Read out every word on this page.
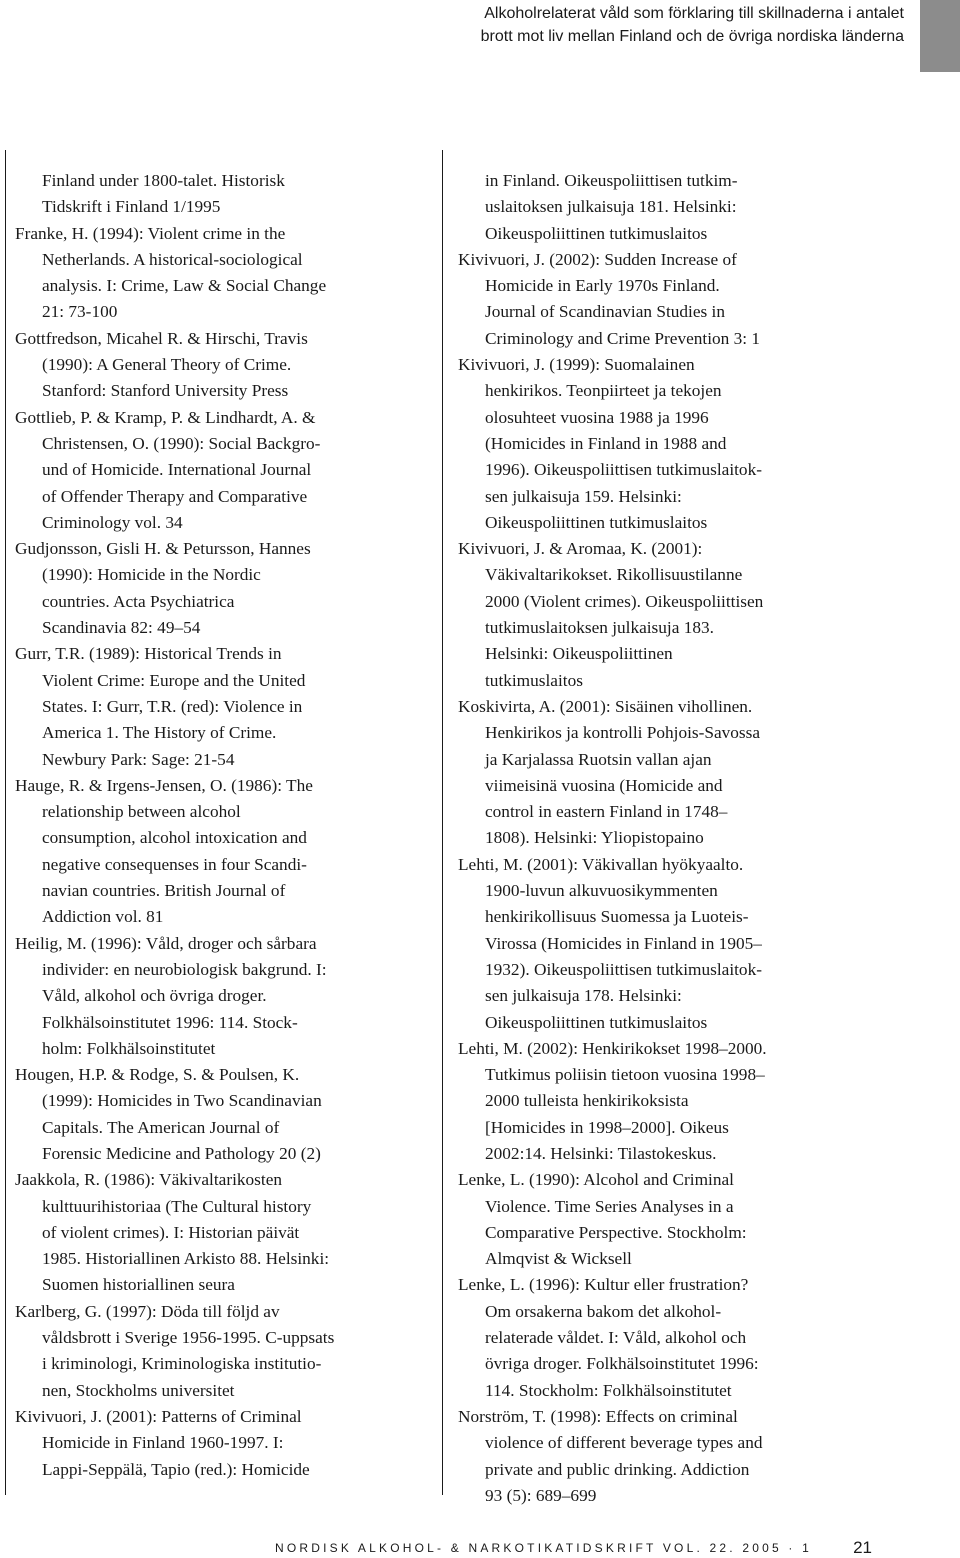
Alkoholrelaterat våld som förklaring till skillnaderna i antalet
brott mot liv mellan Finland och de övriga nordiska länderna
Finland under 1800-talet. Historisk
Tidskrift i Finland 1/1995
Franke, H. (1994): Violent crime in the
Netherlands. A historical-sociological
analysis. I: Crime, Law & Social Change
21: 73-100
Gottfredson, Micahel R. & Hirschi, Travis
(1990): A General Theory of Crime.
Stanford: Stanford University Press
Gottlieb, P. & Kramp, P. & Lindhardt, A. &
Christensen, O. (1990): Social Backgro-
und of Homicide. International Journal
of Offender Therapy and Comparative
Criminology vol. 34
Gudjonsson, Gisli H. & Petursson, Hannes
(1990): Homicide in the Nordic
countries. Acta Psychiatrica
Scandinavia 82: 49–54
Gurr, T.R. (1989): Historical Trends in
Violent Crime: Europe and the United
States. I: Gurr, T.R. (red): Violence in
America 1. The History of Crime.
Newbury Park: Sage: 21-54
Hauge, R. & Irgens-Jensen, O. (1986): The
relationship between alcohol
consumption, alcohol intoxication and
negative consequenses in four Scandi-
navian countries. British Journal of
Addiction vol. 81
Heilig, M. (1996): Våld, droger och sårbara
individer: en neurobiologisk bakgrund. I:
Våld, alkohol och övriga droger.
Folkhälsoinstitutet 1996: 114. Stock-
holm: Folkhälsoinstitutet
Hougen, H.P. & Rodge, S. & Poulsen, K.
(1999): Homicides in Two Scandinavian
Capitals. The American Journal of
Forensic Medicine and Pathology 20 (2)
Jaakkola, R. (1986): Väkivaltarikosten
kulttuurihistoriaa (The Cultural history
of violent crimes). I: Historian päivät
1985. Historiallinen Arkisto 88. Helsinki:
Suomen historiallinen seura
Karlberg, G. (1997): Döda till följd av
våldsbrott i Sverige 1956-1995. C-uppsats
i kriminologi, Kriminologiska institutio-
nen, Stockholms universitet
Kivivuori, J. (2001): Patterns of Criminal
Homicide in Finland 1960-1997. I:
Lappi-Seppälä, Tapio (red.): Homicide
in Finland. Oikeuspoliittisen tutkim-
uslaitoksen julkaisuja 181. Helsinki:
Oikeuspoliittinen tutkimuslaitos
Kivivuori, J. (2002): Sudden Increase of
Homicide in Early 1970s Finland.
Journal of Scandinavian Studies in
Criminology and Crime Prevention 3: 1
Kivivuori, J. (1999): Suomalainen
henkirikos. Teonpiirteet ja tekojen
olosuhteet vuosina 1988 ja 1996
(Homicides in Finland in 1988 and
1996). Oikeuspoliittisen tutkimuslaitok-
sen julkaisuja 159. Helsinki:
Oikeuspoliittinen tutkimuslaitos
Kivivuori, J. & Aromaa, K. (2001):
Väkivaltarikokset. Rikollisuustilanne
2000 (Violent crimes). Oikeuspoliittisen
tutkimuslaitoksen julkaisuja 183.
Helsinki: Oikeuspoliittinen
tutkimuslaitos
Koskivirta, A. (2001): Sisäinen vihollinen.
Henkirikos ja kontrolli Pohjois-Savossa
ja Karjalassa Ruotsin vallan ajan
viimeisinä vuosina (Homicide and
control in eastern Finland in 1748–
1808). Helsinki: Yliopistopaino
Lehti, M. (2001): Väkivallan hyökyaalto.
1900-luvun alkuvuosikymmenten
henkirikollisuus Suomessa ja Luoteis-
Virossa (Homicides in Finland in 1905–
1932). Oikeuspoliittisen tutkimuslaitok-
sen julkaisuja 178. Helsinki:
Oikeuspoliittinen tutkimuslaitos
Lehti, M. (2002): Henkirikokset 1998–2000.
Tutkimus poliisin tietoon vuosina 1998–
2000 tulleista henkirikoksista
[Homicides in 1998–2000]. Oikeus
2002:14. Helsinki: Tilastokeskus.
Lenke, L. (1990): Alcohol and Criminal
Violence. Time Series Analyses in a
Comparative Perspective. Stockholm:
Almqvist & Wicksell
Lenke, L. (1996): Kultur eller frustration?
Om orsakerna bakom det alkohol-
relaterade våldet. I: Våld, alkohol och
övriga droger. Folkhälsoinstitutet 1996:
114. Stockholm: Folkhälsoinstitutet
Norström, T. (1998): Effects on criminal
violence of different beverage types and
private and public drinking. Addiction
93 (5): 689–699
NORDISK ALKOHOL- & NARKOTIKATIDSKRIFT VOL. 22. 2005 · 1 21
